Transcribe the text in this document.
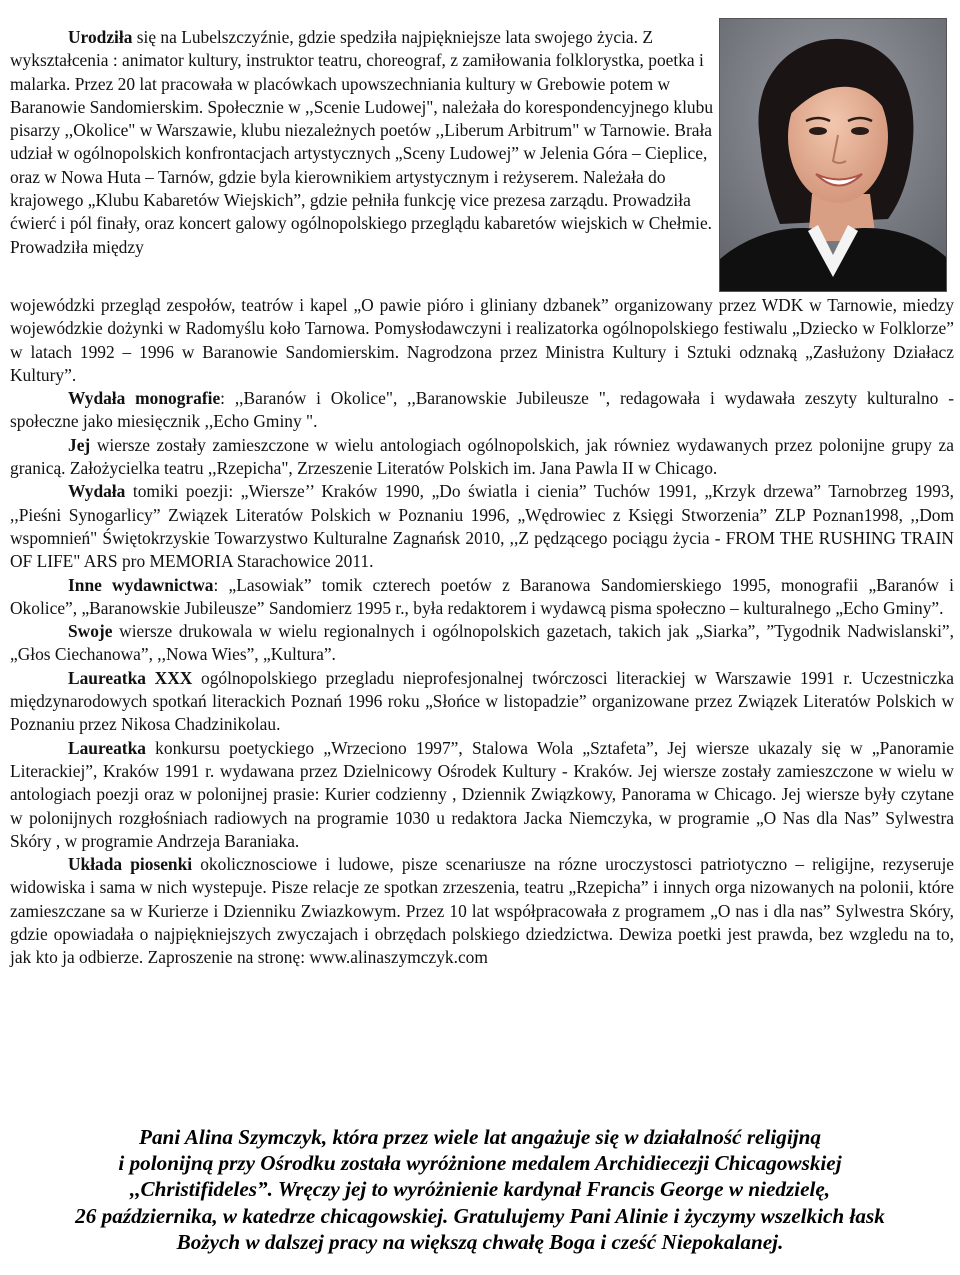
Urodziła się na Lubelszczyźnie, gdzie spedziła najpiękniejsze lata swojego życia. Z wykształcenia : animator kultury, instruktor teatru, choreograf, z zamiłowania folklorystka, poetka i malarka. Przez 20 lat pracowała w placówkach upowszechniania kultury w Grebowie potem w Baranowie Sandomierskim. Społecznie w ,,Scenie Ludowej", należała do korespondencyjnego klubu pisarzy ,,Okolice" w Warszawie, klubu niezależnych poetów ,,Liberum Arbitrum" w Tarnowie. Brała udział w ogólnopolskich konfrontacjach artystycznych „Sceny Ludowej” w Jelenia Góra – Cieplice, oraz w Nowa Huta – Tarnów, gdzie byla kierownikiem artystycznym i reżyserem. Należała do krajowego „Klubu Kabaretów Wiejskich”, gdzie pełniła funkcję vice prezesa zarządu. Prowadziła ćwierć i pól finały, oraz koncert galowy ogólnopolskiego przeglądu kabaretów wiejskich w Chełmie. Prowadziła między

wojewódzki przegląd zespołów, teatrów i kapel „O pawie pióro i gliniany dzbanek” organizowany przez WDK w Tarnowie, miedzy wojewódzkie dożynki w Radomyślu koło Tarnowa. Pomysłodawczyni i realizatorka ogólnopolskiego festiwalu „Dziecko w Folklorze” w latach 1992 – 1996 w Baranowie Sandomierskim. Nagrodzona przez Ministra Kultury i Sztuki odznaką „Zasłużony Działacz Kultury”.

Wydała monografie: ,,Baranów i Okolice", ,,Baranowskie Jubileusze ", redagowała i wydawała zeszyty kulturalno - społeczne jako miesięcznik ,,Echo Gminy ".

Jej wiersze zostały zamieszczone w wielu antologiach ogólnopolskich, jak równiez wydawanych przez polonijne grupy za granicą. Założycielka teatru ,,Rzepicha", Zrzeszenie Literatów Polskich im. Jana Pawla II w Chicago.

Wydała tomiki poezji: „Wiersze’’ Kraków 1990, „Do światla i cienia” Tuchów 1991, „Krzyk drzewa” Tarnobrzeg 1993, ,,Pieśni Synogarlicy” Związek Literatów Polskich w Poznaniu 1996, „Wędrowiec z Księgi Stworzenia” ZLP Poznan1998, ,,Dom wspomnień" Świętokrzyskie Towarzystwo Kulturalne Zagnańsk 2010, ,,Z pędzącego pociągu życia - FROM THE RUSHING TRAIN OF LIFE" ARS pro MEMORIA Starachowice 2011.

Inne wydawnictwa: „Lasowiak” tomik czterech poetów z Baranowa Sandomierskiego 1995, monografii „Baranów i Okolice”, „Baranowskie Jubileusze” Sandomierz 1995 r., była redaktorem i wydawcą pisma społeczno – kulturalnego „Echo Gminy”.

Swoje wiersze drukowala w wielu regionalnych i ogólnopolskich gazetach, takich jak „Siarka”, ”Tygodnik Nadwislanski”, „Głos Ciechanowa”, ,,Nowa Wies”, „Kultura”.

Laureatka XXX ogólnopolskiego przegladu nieprofesjonalnej twórczosci literackiej w Warszawie 1991 r. Uczestniczka międzynarodowych spotkań literackich Poznań 1996 roku „Słońce w listopadzie” organizowane przez Związek Literatów Polskich w Poznaniu przez Nikosa Chadzinikolau.

Laureatka konkursu poetyckiego „Wrzeciono 1997”, Stalowa Wola „Sztafeta”, Jej wiersze ukazaly się w „Panoramie Literackiej”, Kraków 1991 r. wydawana przez Dzielnicowy Ośrodek Kultury - Kraków. Jej wiersze zostały zamieszczone w wielu w antologiach poezji oraz w polonijnej prasie: Kurier codzienny , Dziennik Związkowy, Panorama w Chicago. Jej wiersze były czytane w polonijnych rozgłośniach radiowych na programie 1030 u redaktora Jacka Niemczyka, w programie „O Nas dla Nas” Sylwestra Skóry , w programie Andrzeja Baraniaka.

Układa piosenki okolicznosciowe i ludowe, pisze scenariusze na rózne uroczystosci patriotyczno – religijne, rezyseruje widowiska i sama w nich wystepuje. Pisze relacje ze spotkan zrzeszenia, teatru „Rzepicha” i innych orga nizowanych na polonii, które zamieszczane sa w Kurierze i Dzienniku Zwiazkowym. Przez 10 lat współpracowała z programem „O nas i dla nas” Sylwestra Skóry, gdzie opowiadała o najpiękniejszych zwyczajach i obrzędach polskiego dziedzictwa. Dewiza poetki jest prawda, bez wzgledu na to, jak kto ja odbierze. Zaproszenie na stronę: www.alinaszymczyk.com

Pani Alina Szymczyk, która przez wiele lat angażuje się w działalność religijną
i polonijną przy Ośrodku została wyróżnione medalem Archidiecezji Chicagowskiej
,,Christifideles”. Wręczy jej to wyróżnienie kardynał Francis George w niedzielę,
26 października, w katedrze chicagowskiej. Gratulujemy Pani Alinie i życzymy wszelkich łask
Bożych w dalszej pracy na większą chwałę Boga i cześć Niepokalanej.
